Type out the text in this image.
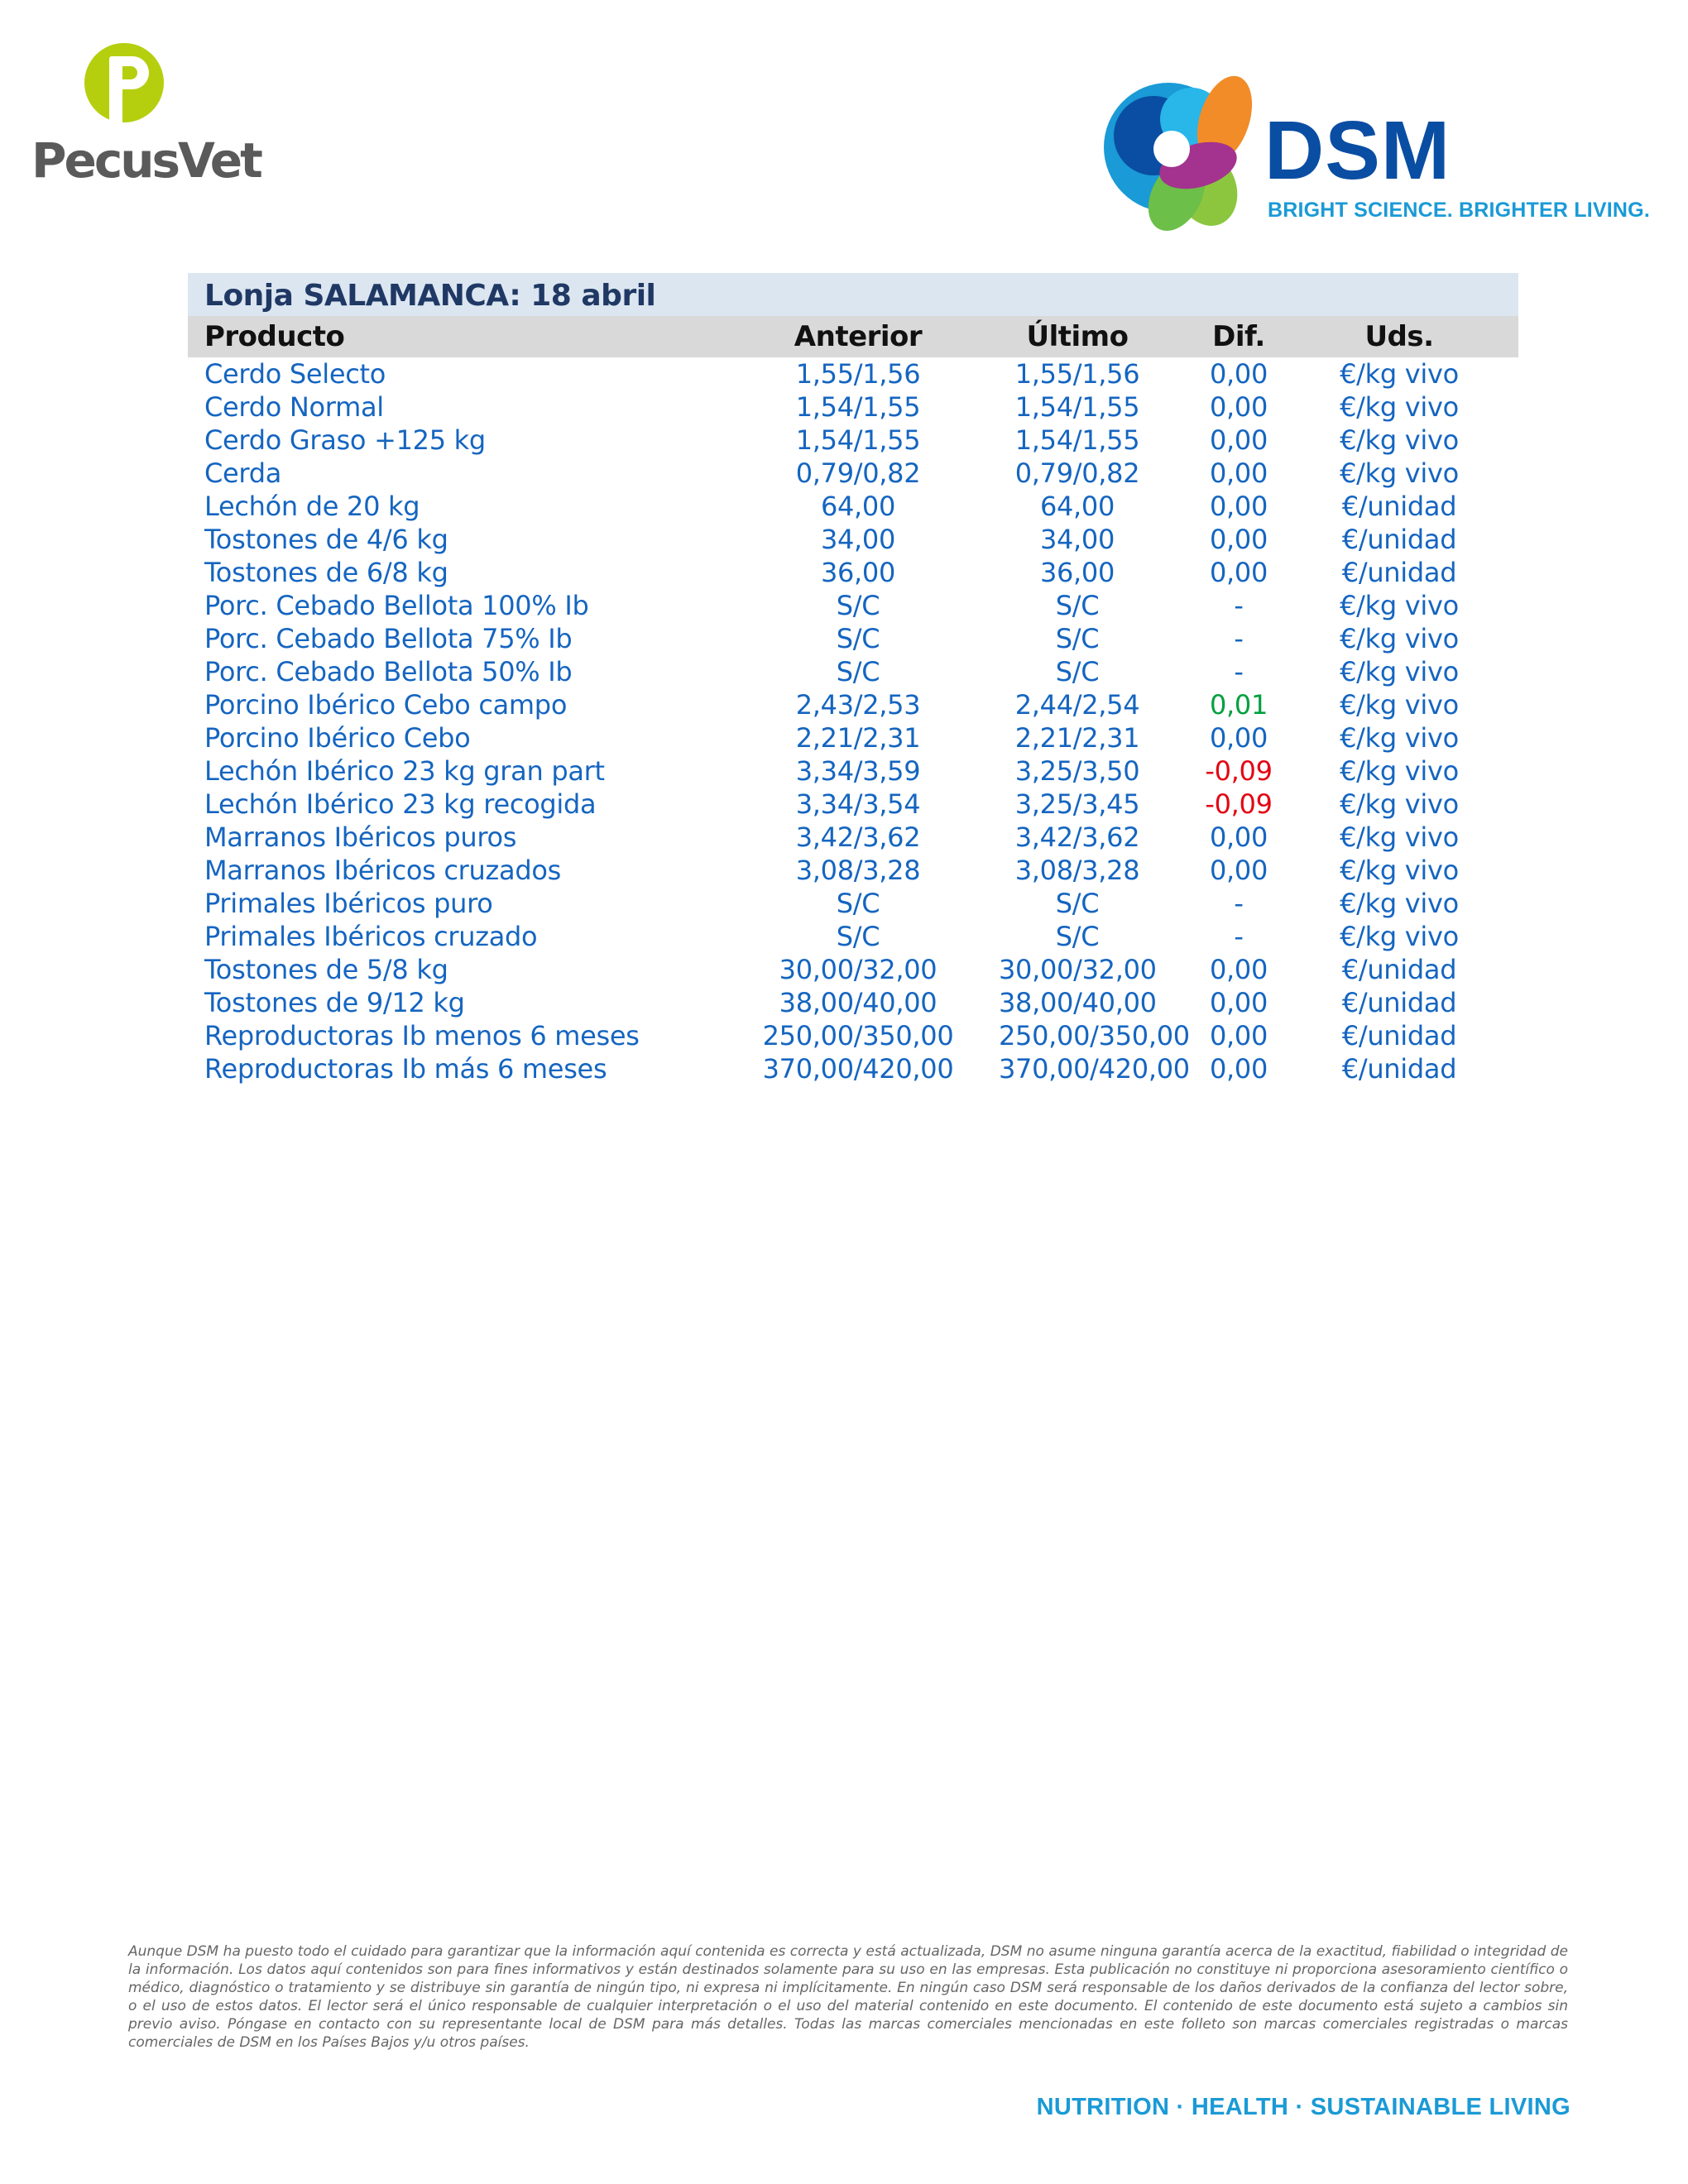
PecusVet	DSM
BRIGHT SCIENCE. BRIGHTER LIVING.
Lonja SALAMANCA: 18 abril
Producto	Anterior	Último	Dif.	Uds.
Cerdo Selecto	1,55/1,56	1,55/1,56	0,00	€/kg vivo
Cerdo Normal	1,54/1,55	1,54/1,55	0,00	€/kg vivo
Cerdo Graso +125 kg	1,54/1,55	1,54/1,55	0,00	€/kg vivo
Cerda	0,79/0,82	0,79/0,82	0,00	€/kg vivo
Lechón de 20 kg	64,00	64,00	0,00	€/unidad
Tostones de 4/6 kg	34,00	34,00	0,00	€/unidad
Tostones de 6/8 kg	36,00	36,00	0,00	€/unidad
Porc. Cebado Bellota 100% Ib	S/C	S/C	-	€/kg vivo
Porc. Cebado Bellota 75% Ib	S/C	S/C	-	€/kg vivo
Porc. Cebado Bellota 50% Ib	S/C	S/C	-	€/kg vivo
Porcino Ibérico Cebo campo	2,43/2,53	2,44/2,54	0,01	€/kg vivo
Porcino Ibérico Cebo	2,21/2,31	2,21/2,31	0,00	€/kg vivo
Lechón Ibérico 23 kg gran part	3,34/3,59	3,25/3,50	-0,09	€/kg vivo
Lechón Ibérico 23 kg recogida	3,34/3,54	3,25/3,45	-0,09	€/kg vivo
Marranos Ibéricos puros	3,42/3,62	3,42/3,62	0,00	€/kg vivo
Marranos Ibéricos cruzados	3,08/3,28	3,08/3,28	0,00	€/kg vivo
Primales Ibéricos puro	S/C	S/C	-	€/kg vivo
Primales Ibéricos cruzado	S/C	S/C	-	€/kg vivo
Tostones de 5/8 kg	30,00/32,00	30,00/32,00	0,00	€/unidad
Tostones de 9/12 kg	38,00/40,00	38,00/40,00	0,00	€/unidad
Reproductoras Ib menos 6 meses	250,00/350,00	250,00/350,00 0,00	€/unidad
Reproductoras Ib más 6 meses	370,00/420,00	370,00/420,00 0,00	€/unidad
Aunque DSM ha puesto todo el cuidado para garantizar que la información aquí contenida es correcta y está actualizada, DSM no asume ninguna garantía acerca de la exactitud, fiabilidad o integridad de la información. Los datos aquí contenidos son para fines informativos y están destinados solamente para su uso en las empresas. Esta publicación no constituye ni proporciona asesoramiento científico o médico, diagnóstico o tratamiento y se distribuye sin garantía de ningún tipo, ni expresa ni implícitamente. En ningún caso DSM será responsable de los daños derivados de la confianza del lector sobre, o el uso de estos datos. El lector será el único responsable de cualquier interpretación o el uso del material contenido en este documento. El contenido de este documento está sujeto a cambios sin previo aviso. Póngase en contacto con su representante local de DSM para más detalles. Todas las marcas comerciales mencionadas en este folleto son marcas comerciales registradas o marcas comerciales de DSM en los Países Bajos y/u otros países.
NUTRITION · HEALTH · SUSTAINABLE LIVING
